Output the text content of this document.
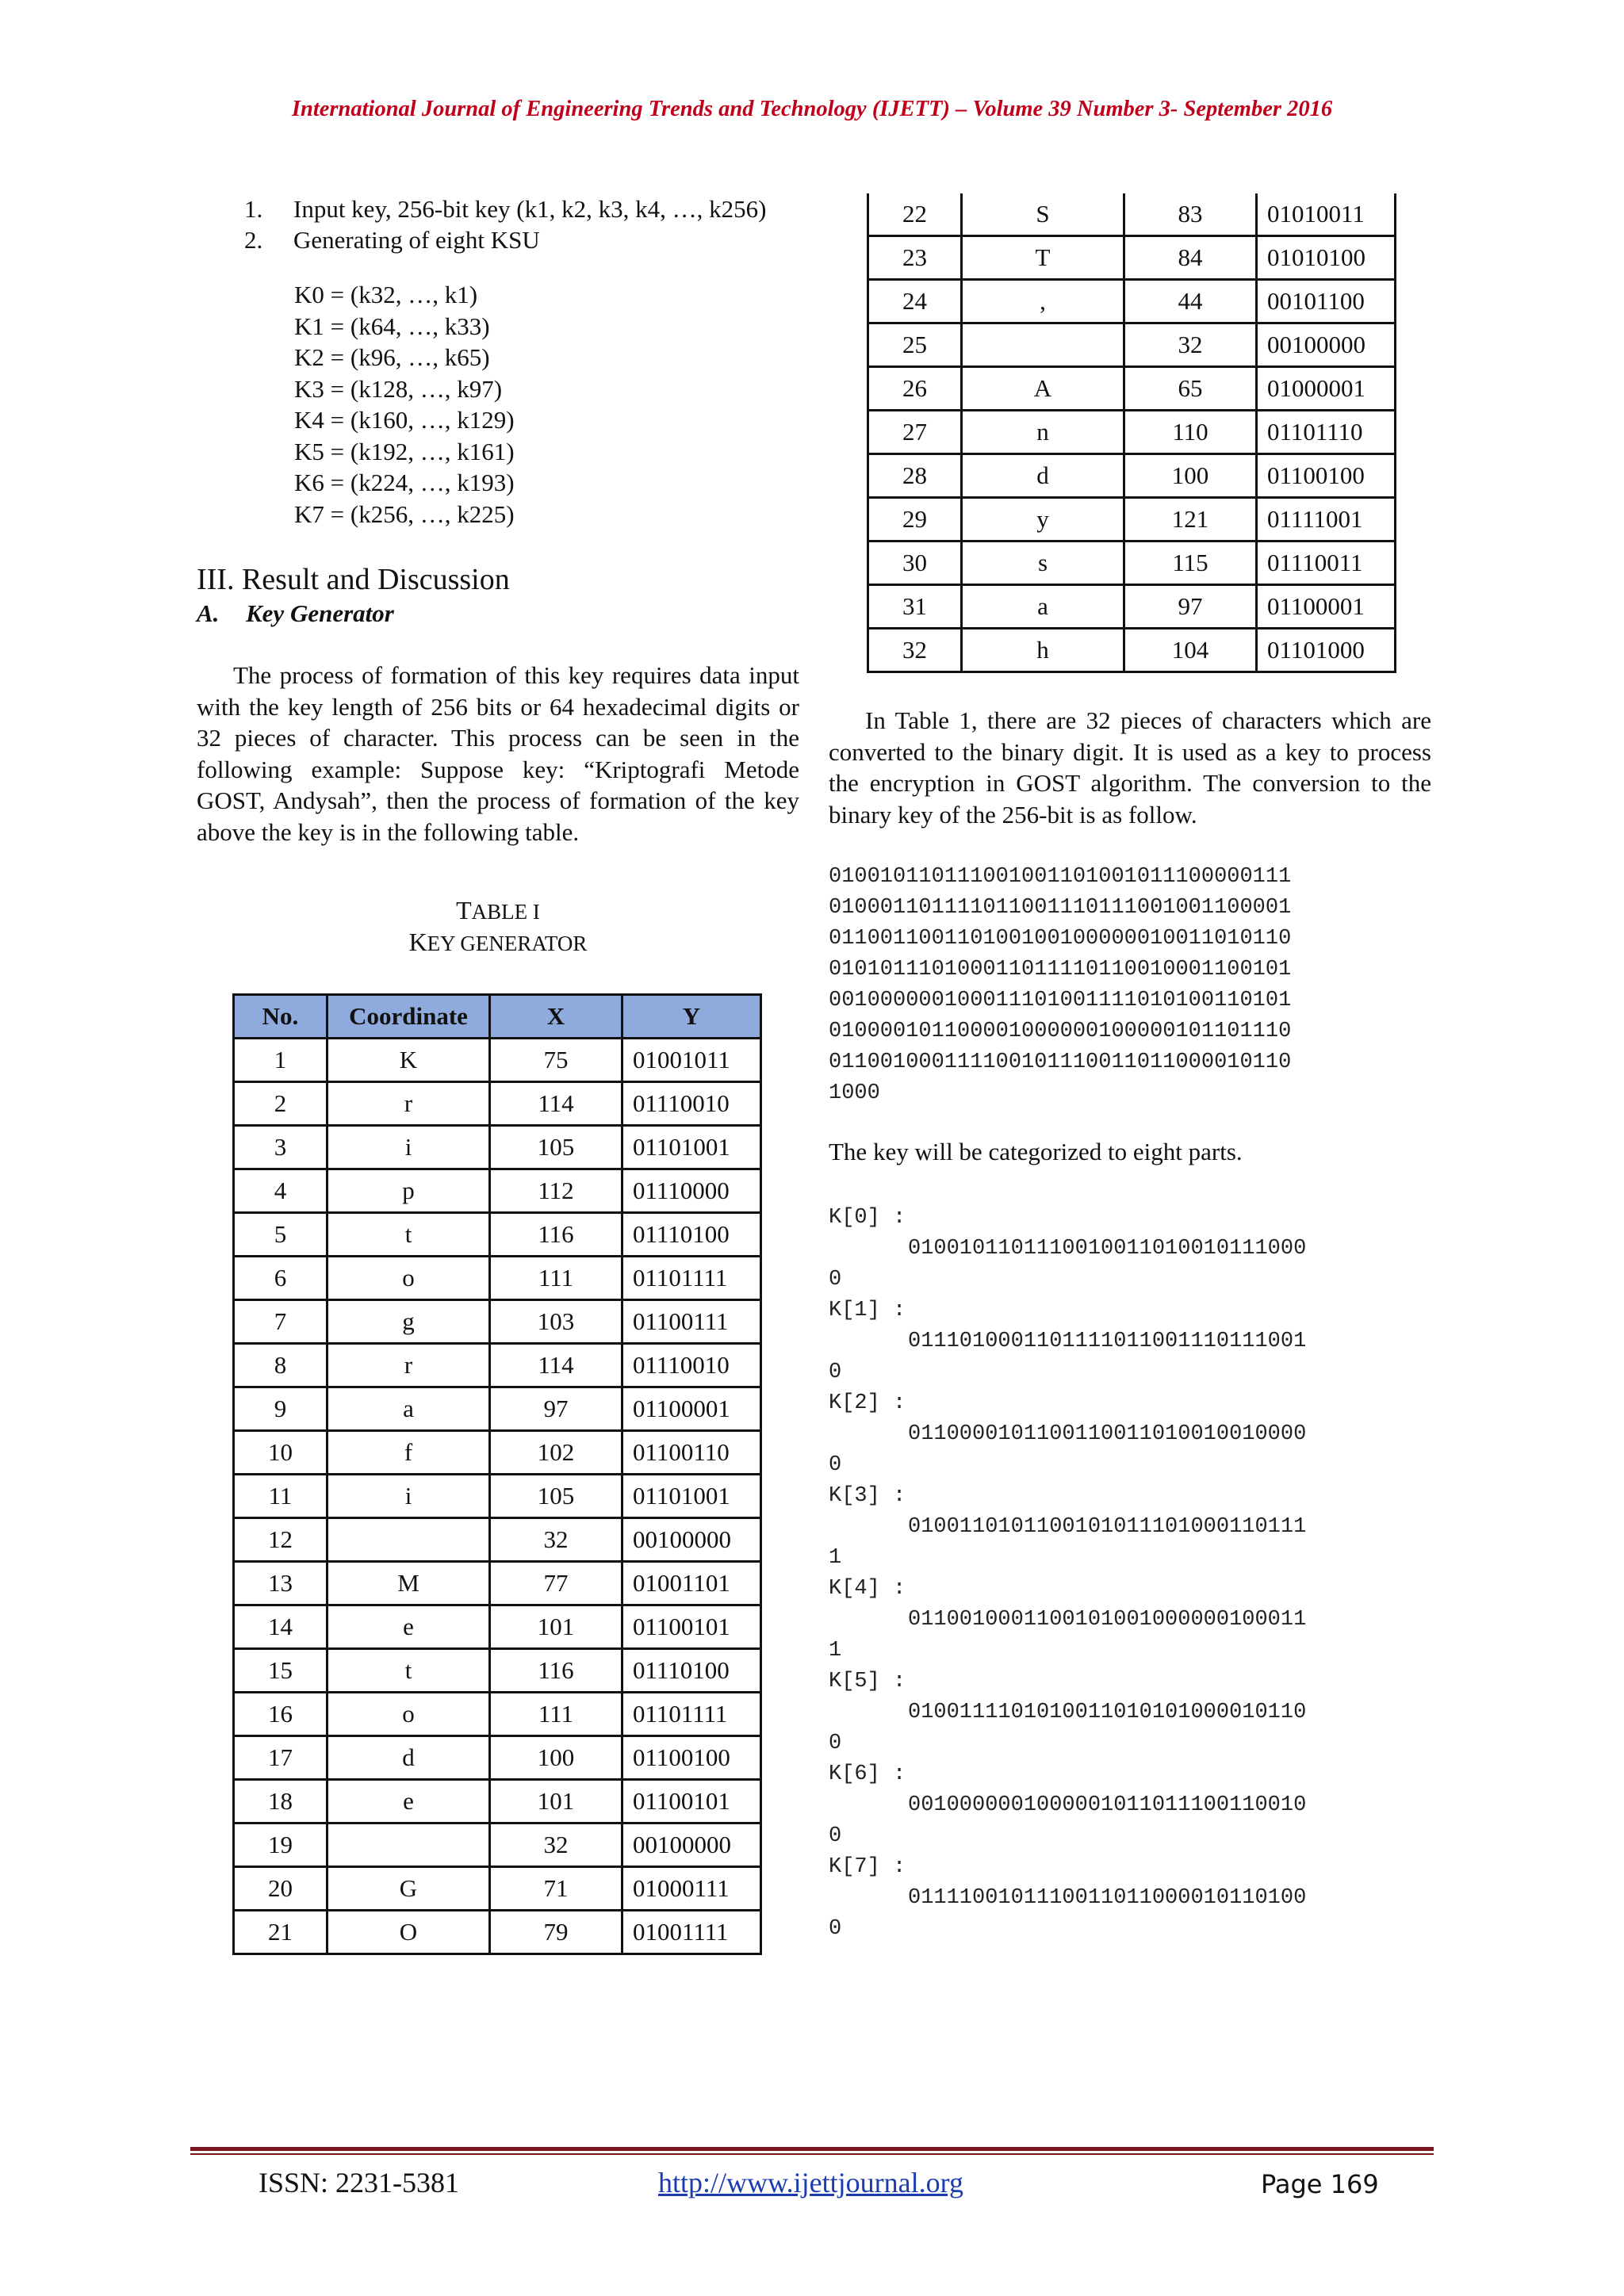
International Journal of Engineering Trends and Technology (IJETT) – Volume 39 Number 3- September 2016
1.	Input key, 256-bit key (k1, k2, k3, k4, …, k256)
2.	Generating of eight KSU
K0 = (k32, …, k1)
K1 = (k64, …, k33)
K2 = (k96, …, k65)
K3 = (k128, …, k97)
K4 = (k160, …, k129)
K5 = (k192, …, k161)
K6 = (k224, …, k193)
K7 = (k256, …, k225)
III. Result and Discussion
A. Key Generator
The process of formation of this key requires data input with the key length of 256 bits or 64 hexadecimal digits or 32 pieces of character. This process can be seen in the following example: Suppose key: “Kriptografi Metode GOST, Andysah”, then the process of formation of the key above the key is in the following table.
TABLE I
KEY GENERATOR
No.	Coordinate	X	Y
1	K	75	01001011
2	r	114	01110010
3	i	105	01101001
4	p	112	01110000
5	t	116	01110100
6	o	111	01101111
7	g	103	01100111
8	r	114	01110010
9	a	97	01100001
10	f	102	01100110
11	i	105	01101001
12		32	00100000
13	M	77	01001101
14	e	101	01100101
15	t	116	01110100
16	o	111	01101111
17	d	100	01100100
18	e	101	01100101
19		32	00100000
20	G	71	01000111
21	O	79	01001111
22	S	83	01010011
23	T	84	01010100
24	,	44	00101100
25		32	00100000
26	A	65	01000001
27	n	110	01101110
28	d	100	01100100
29	y	121	01111001
30	s	115	01110011
31	a	97	01100001
32	h	104	01101000
In Table 1, there are 32 pieces of characters which are converted to the binary digit. It is used as a key to process the encryption in GOST algorithm. The conversion to the binary key of the 256-bit is as follow.
010010110111001001101001011100000111
010001101111011001110111001001100001
011001100110100100100000010011010110
010101110100011011110110010001100101
001000000100011101001111010100110101
010000101100001000000100000101101110
011001000111100101110011011000010110
1000
The key will be categorized to eight parts.
K[0] :
0100101101110010011010010111000
0
K[1] :
0111010001101111011001110111001
0
K[2] :
0110000101100110011010010010000
0
K[3] :
0100110101100101011101000110111
1
K[4] :
0110010001100101001000000100011
1
K[5] :
0100111101010011010101000010110
0
K[6] :
0010000001000001011011100110010
0
K[7] :
0111100101110011011000010110100
0
ISSN: 2231-5381	http://www.ijettjournal.org	Page 169
